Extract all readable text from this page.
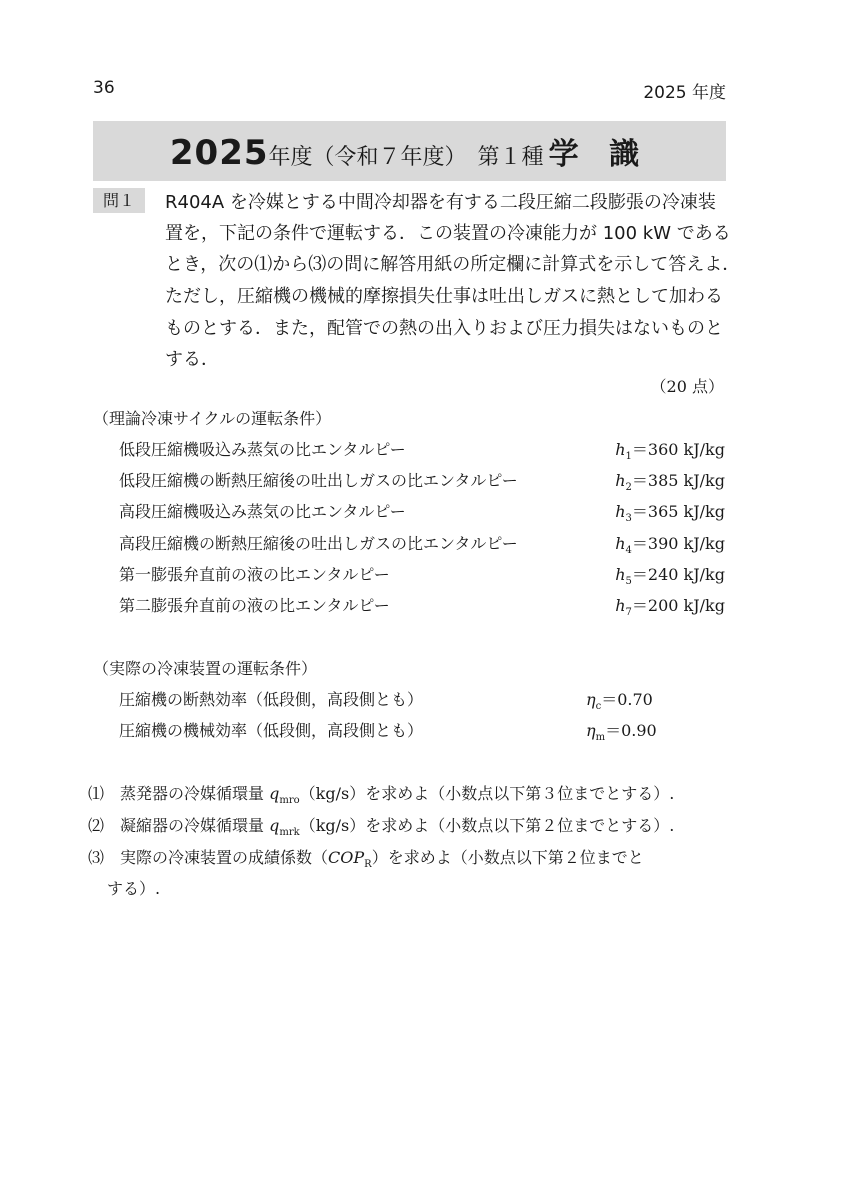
36	2025 年度
2025年度（令和７年度）　第１種 学 識
問１	R404A を冷媒とする中間冷却器を有する二段圧縮二段膨張の冷凍装
置を，下記の条件で運転する．この装置の冷凍能力が 100 kW である
とき，次の⑴から⑶の問に解答用紙の所定欄に計算式を示して答えよ．
ただし，圧縮機の機械的摩擦損失仕事は吐出しガスに熱として加わる
ものとする．また，配管での熱の出入りおよび圧力損失はないものと
する．
（20 点）
（理論冷凍サイクルの運転条件）
低段圧縮機吸込み蒸気の比エンタルピー	$h_1=360$ kJ/kg
低段圧縮機の断熱圧縮後の吐出しガスの比エンタルピー	$h_2=385$ kJ/kg
高段圧縮機吸込み蒸気の比エンタルピー	$h_3=365$ kJ/kg
高段圧縮機の断熱圧縮後の吐出しガスの比エンタルピー	$h_4=390$ kJ/kg
第一膨張弁直前の液の比エンタルピー	$h_5=240$ kJ/kg
第二膨張弁直前の液の比エンタルピー	$h_7=200$ kJ/kg
（実際の冷凍装置の運転条件）
圧縮機の断熱効率（低段側，高段側とも）	$\eta_c=0.70$
圧縮機の機械効率（低段側，高段側とも）	$\eta_m=0.90$
⑴　 蒸発器の冷媒循環量 $q_{mro}(kg/s)$を求めよ（小数点以下第３位までとする）.
⑵　 凝縮器の冷媒循環量 $q_{mrk}(kg/s)$を求めよ（小数点以下第２位までとする）.
⑶　 実際の冷凍装置の成績係数$(COP_R)$を求めよ（小数点以下第２位までと
する）.
